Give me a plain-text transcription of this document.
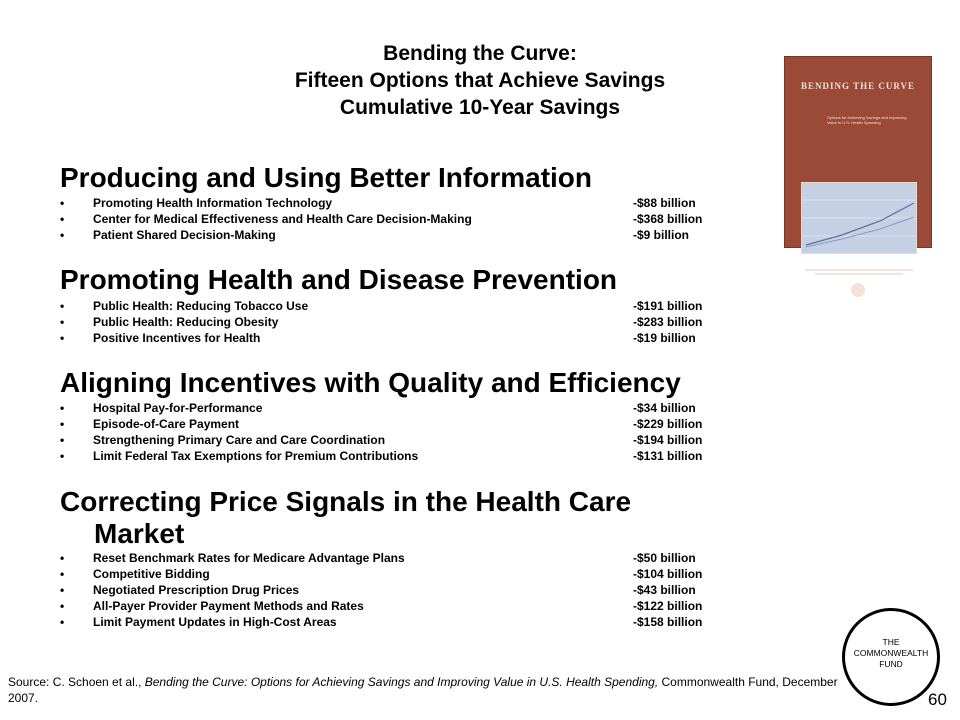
Bending the Curve:
Fifteen Options that Achieve Savings
Cumulative 10-Year Savings
BENDING THE CURVE
Options for Achieving Savings and Improving Value in U.S. Health Spending
Producing and Using Better Information
• Promoting Health Information Technology	-$88 billion
• Center for Medical Effectiveness and Health Care Decision-Making	-$368 billion
• Patient Shared Decision-Making	-$9 billion
Promoting Health and Disease Prevention
• Public Health: Reducing Tobacco Use	-$191 billion
• Public Health: Reducing Obesity	-$283 billion
• Positive Incentives for Health	-$19 billion
Aligning Incentives with Quality and Efficiency
• Hospital Pay-for-Performance	-$34 billion
• Episode-of-Care Payment	-$229 billion
• Strengthening Primary Care and Care Coordination	-$194 billion
• Limit Federal Tax Exemptions for Premium Contributions	-$131 billion
Correcting Price Signals in the Health Care
Market
• Reset Benchmark Rates for Medicare Advantage Plans	-$50 billion
• Competitive Bidding	-$104 billion
• Negotiated Prescription Drug Prices	-$43 billion
• All-Payer Provider Payment Methods and Rates	-$122 billion
• Limit Payment Updates in High-Cost Areas	-$158 billion
THE
COMMONWEALTH
FUND
Source: C. Schoen et al., Bending the Curve: Options for Achieving Savings and Improving Value in U.S. Health Spending, Commonwealth Fund, December 2007.	60
